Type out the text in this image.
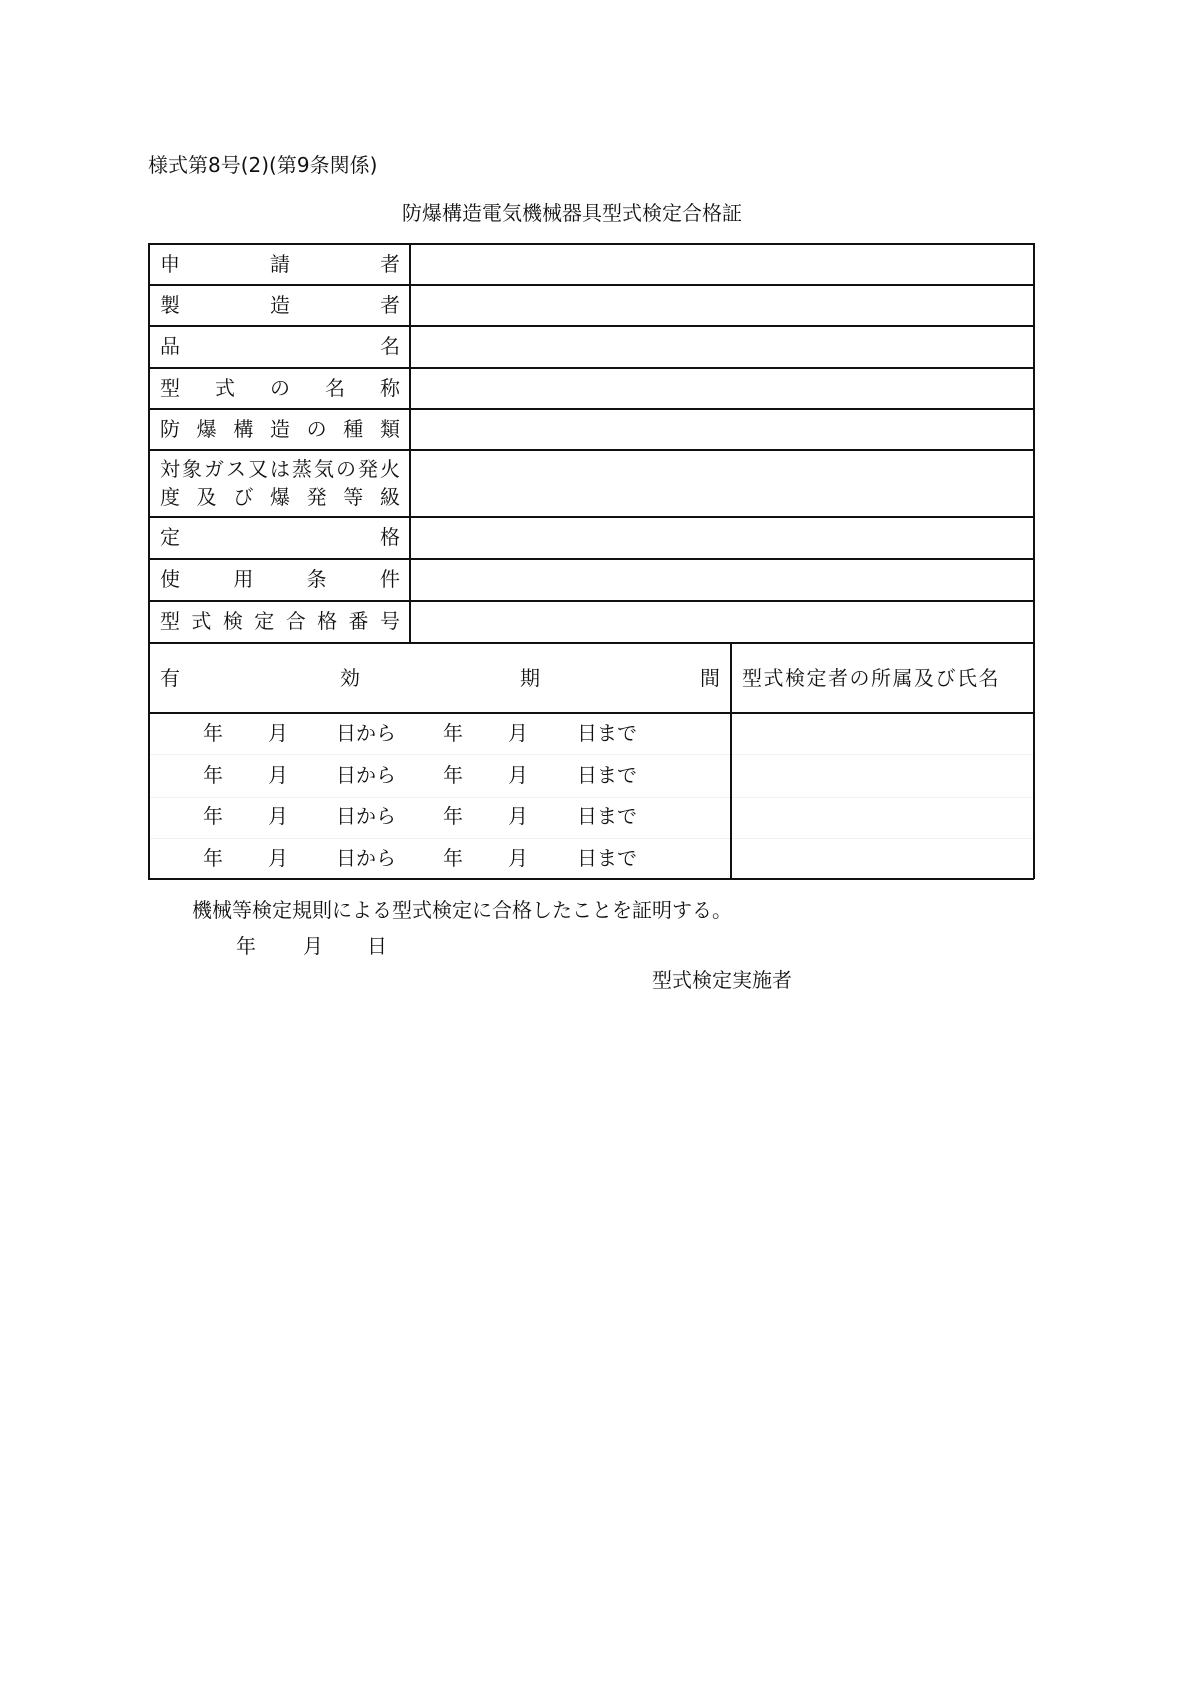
様式第8号(2)(第9条関係)
防爆構造電気機械器具型式検定合格証
申	請	者
製	造	者
品	名
型 式 の 名 称
防 爆 構 造 の 種 類
対 象 ガ ス 又 は 蒸 気 の 発 火
度 及 び 爆 発 等 級
定	格
使	用	条	件
型 式 検 定 合 格 番 号
有	効	期	間 型式検定者の所属及び氏名
年 月 日から 年 月 日まで
年 月 日から 年 月 日まで
年 月 日から 年 月 日まで
年 月 日から 年 月 日まで
機械等検定規則による型式検定に合格したことを証明する。
年 月 日
型式検定実施者
